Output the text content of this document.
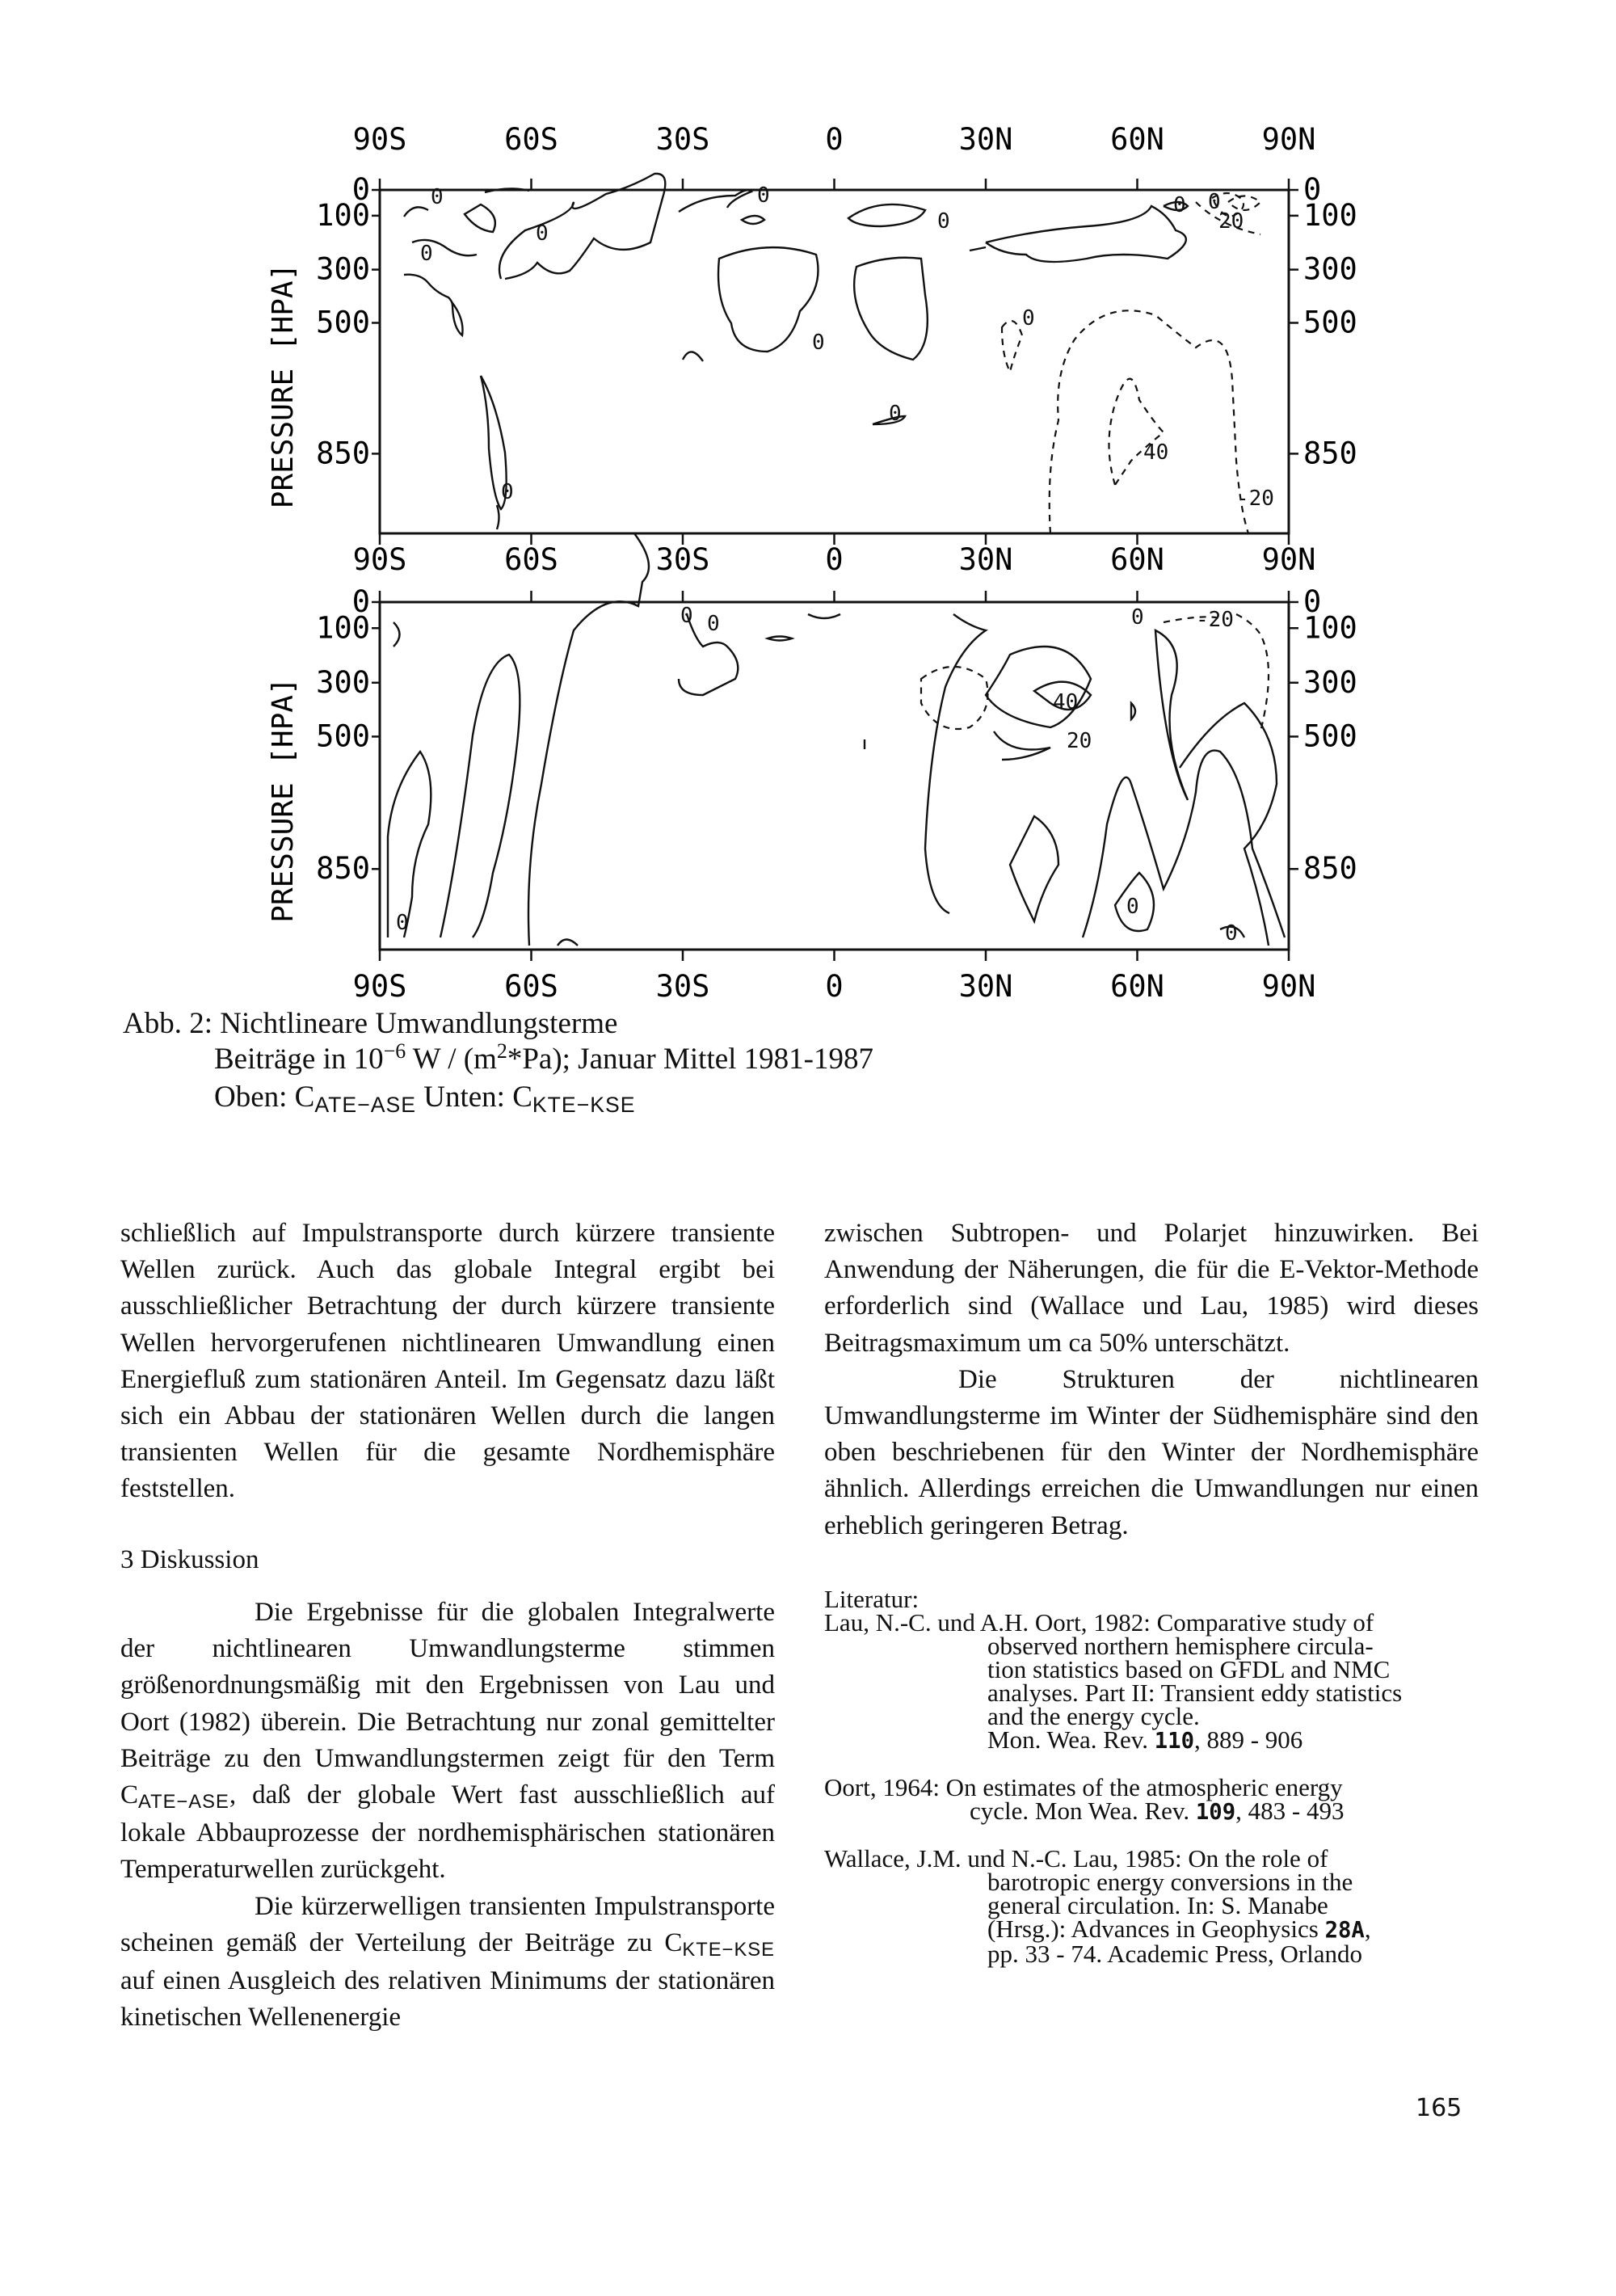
90S	60S	30S	0	30N	60N	90N
0	0
100	100
300	300
500	500
850	850
PRESSURE [HPA]
90S	60S	30S	0	30N	60N	90N
0	0
100	100
300	300
500	500
850	850
PRESSURE [HPA]
90S	60S	30S	0	30N	60N	90N
0
0
0
0
0
0
0
0
0
0
0
20
40
-20
0 0	0
0	0
40
20
-20
0
Abb. 2: Nichtlineare Umwandlungsterme
Beiträge in $10^{-6}$ W / $(m^2*Pa)$; Januar Mittel 1981-1987
Oben: CATE−ASE Unten: CKTE−KSE

schließlich auf Impulstransporte durch kürzere transiente Wellen zurück. Auch das globale Integral ergibt bei ausschließlicher Betrachtung der durch kürzere transiente Wellen hervorgerufenen nichtlinearen Umwandlung einen Energiefluß zum stationären Anteil. Im Gegensatz dazu läßt sich ein Abbau der stationären Wellen durch die langen transienten Wellen für die gesamte Nordhemisphäre feststellen.

3 Diskussion

Die Ergebnisse für die globalen Integralwerte der nichtlinearen Umwandlungsterme stimmen größenordnungsmäßig mit den Ergebnissen von Lau und Oort (1982) überein. Die Betrachtung nur zonal gemittelter Beiträge zu den Umwandlungstermen zeigt für den Term CATE−ASE, daß der globale Wert fast ausschließlich auf lokale Abbauprozesse der nordhemisphärischen stationären Temperaturwellen zurückgeht.

Die kürzerwelligen transienten Impulstransporte scheinen gemäß der Verteilung der Beiträge zu CKTE−KSE auf einen Ausgleich des relativen Minimums der stationären kinetischen Wellenenergie

zwischen Subtropen- und Polarjet hinzuwirken. Bei Anwendung der Näherungen, die für die E-Vektor-Methode erforderlich sind (Wallace und Lau, 1985) wird dieses Beitragsmaximum um ca 50% unterschätzt.

Die Strukturen der nichtlinearen Umwandlungsterme im Winter der Südhemisphäre sind den oben beschriebenen für den Winter der Nordhemisphäre ähnlich. Allerdings erreichen die Umwandlungen nur einen erheblich geringeren Betrag.

Literatur:
Lau, N.-C. und A.H. Oort, 1982: Comparative study of
observed northern hemisphere circula-
tion statistics based on GFDL and NMC
analyses. Part II: Transient eddy statistics
and the energy cycle.
Mon. Wea. Rev. 110, 889 - 906
Oort, 1964: On estimates of the atmospheric energy
cycle. Mon Wea. Rev. 109, 483 - 493
Wallace, J.M. und N.-C. Lau, 1985: On the role of
barotropic energy conversions in the
general circulation. In: S. Manabe
(Hrsg.): Advances in Geophysics 28A,
pp. 33 - 74. Academic Press, Orlando
165
